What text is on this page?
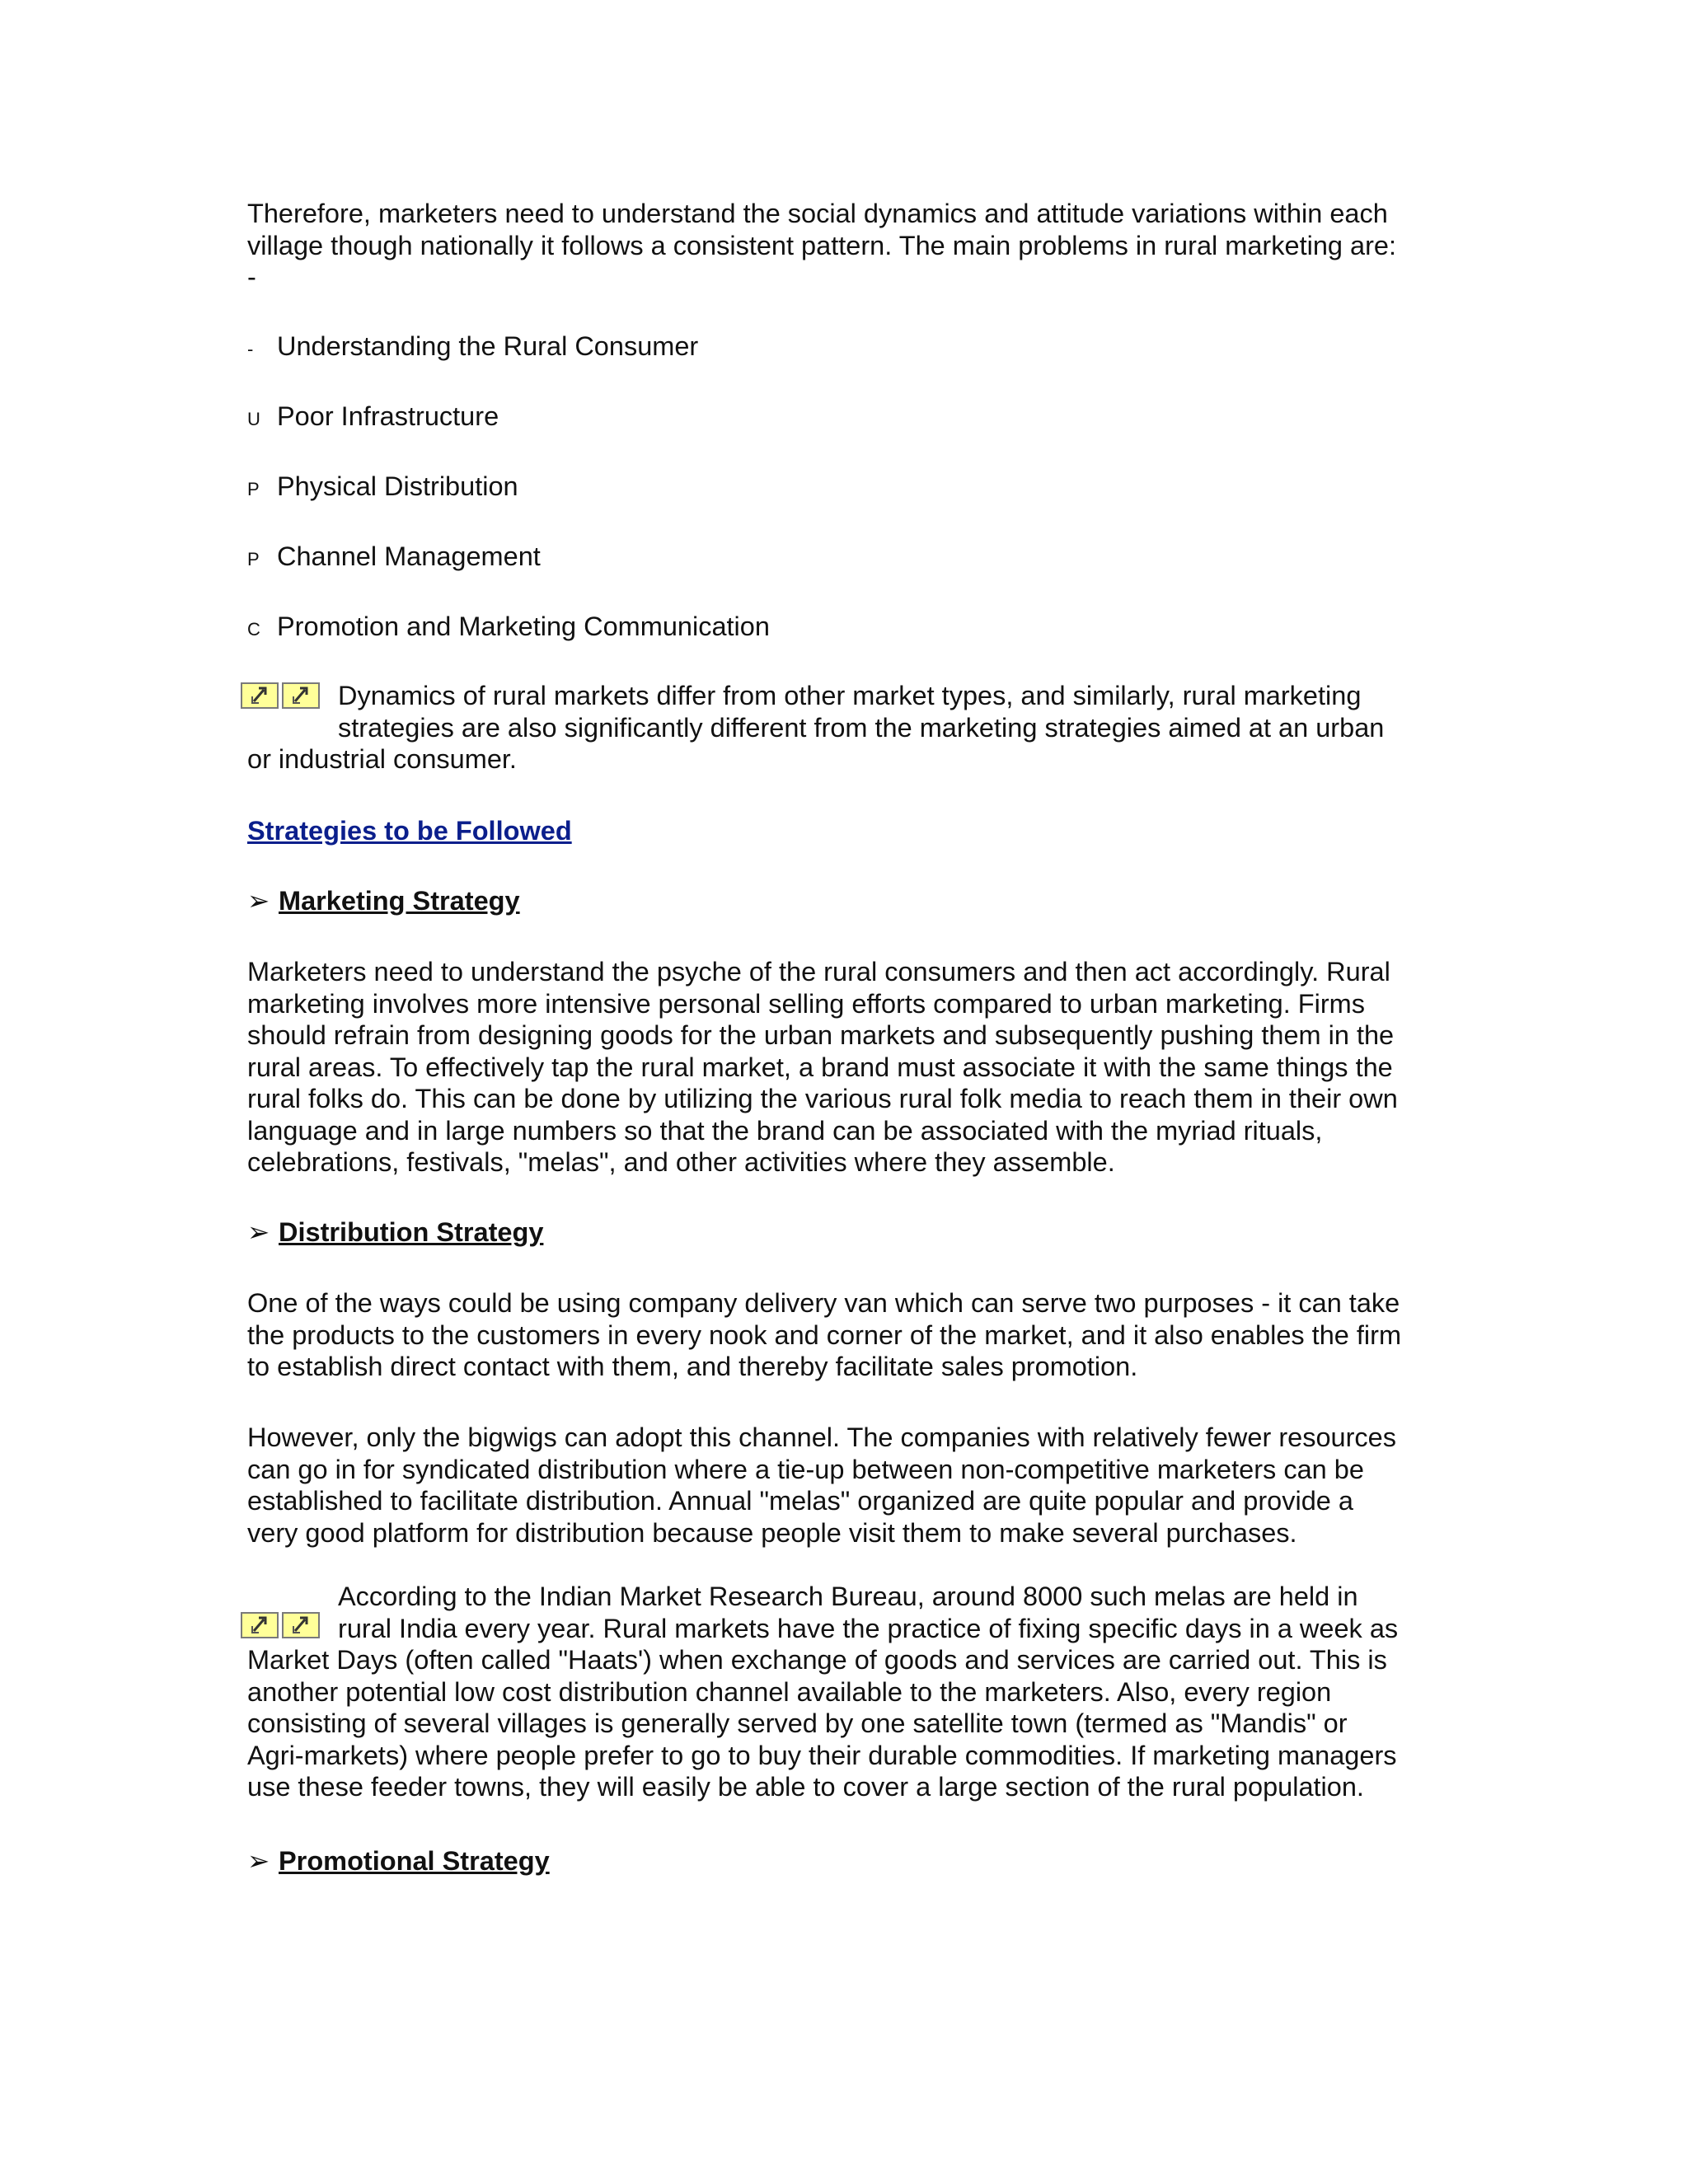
Therefore, marketers need to understand the social dynamics and attitude variations within each
village though nationally it follows a consistent pattern. The main problems in rural marketing are:
-
- Understanding the Rural Consumer
U Poor Infrastructure
P Physical Distribution
P Channel Management
C Promotion and Marketing Communication
Dynamics of rural markets differ from other market types, and similarly, rural marketing
strategies are also significantly different from the marketing strategies aimed at an urban
or industrial consumer.
Strategies to be Followed
➢ Marketing Strategy
Marketers need to understand the psyche of the rural consumers and then act accordingly. Rural
marketing involves more intensive personal selling efforts compared to urban marketing. Firms
should refrain from designing goods for the urban markets and subsequently pushing them in the
rural areas. To effectively tap the rural market, a brand must associate it with the same things the
rural folks do. This can be done by utilizing the various rural folk media to reach them in their own
language and in large numbers so that the brand can be associated with the myriad rituals,
celebrations, festivals, "melas", and other activities where they assemble.
➢ Distribution Strategy
One of the ways could be using company delivery van which can serve two purposes - it can take
the products to the customers in every nook and corner of the market, and it also enables the firm
to establish direct contact with them, and thereby facilitate sales promotion.
However, only the bigwigs can adopt this channel. The companies with relatively fewer resources
can go in for syndicated distribution where a tie-up between non-competitive marketers can be
established to facilitate distribution. Annual "melas" organized are quite popular and provide a
very good platform for distribution because people visit them to make several purchases.
According to the Indian Market Research Bureau, around 8000 such melas are held in
rural India every year. Rural markets have the practice of fixing specific days in a week as
Market Days (often called "Haats') when exchange of goods and services are carried out. This is
another potential low cost distribution channel available to the marketers. Also, every region
consisting of several villages is generally served by one satellite town (termed as "Mandis" or
Agri-markets) where people prefer to go to buy their durable commodities. If marketing managers
use these feeder towns, they will easily be able to cover a large section of the rural population.
➢ Promotional Strategy
